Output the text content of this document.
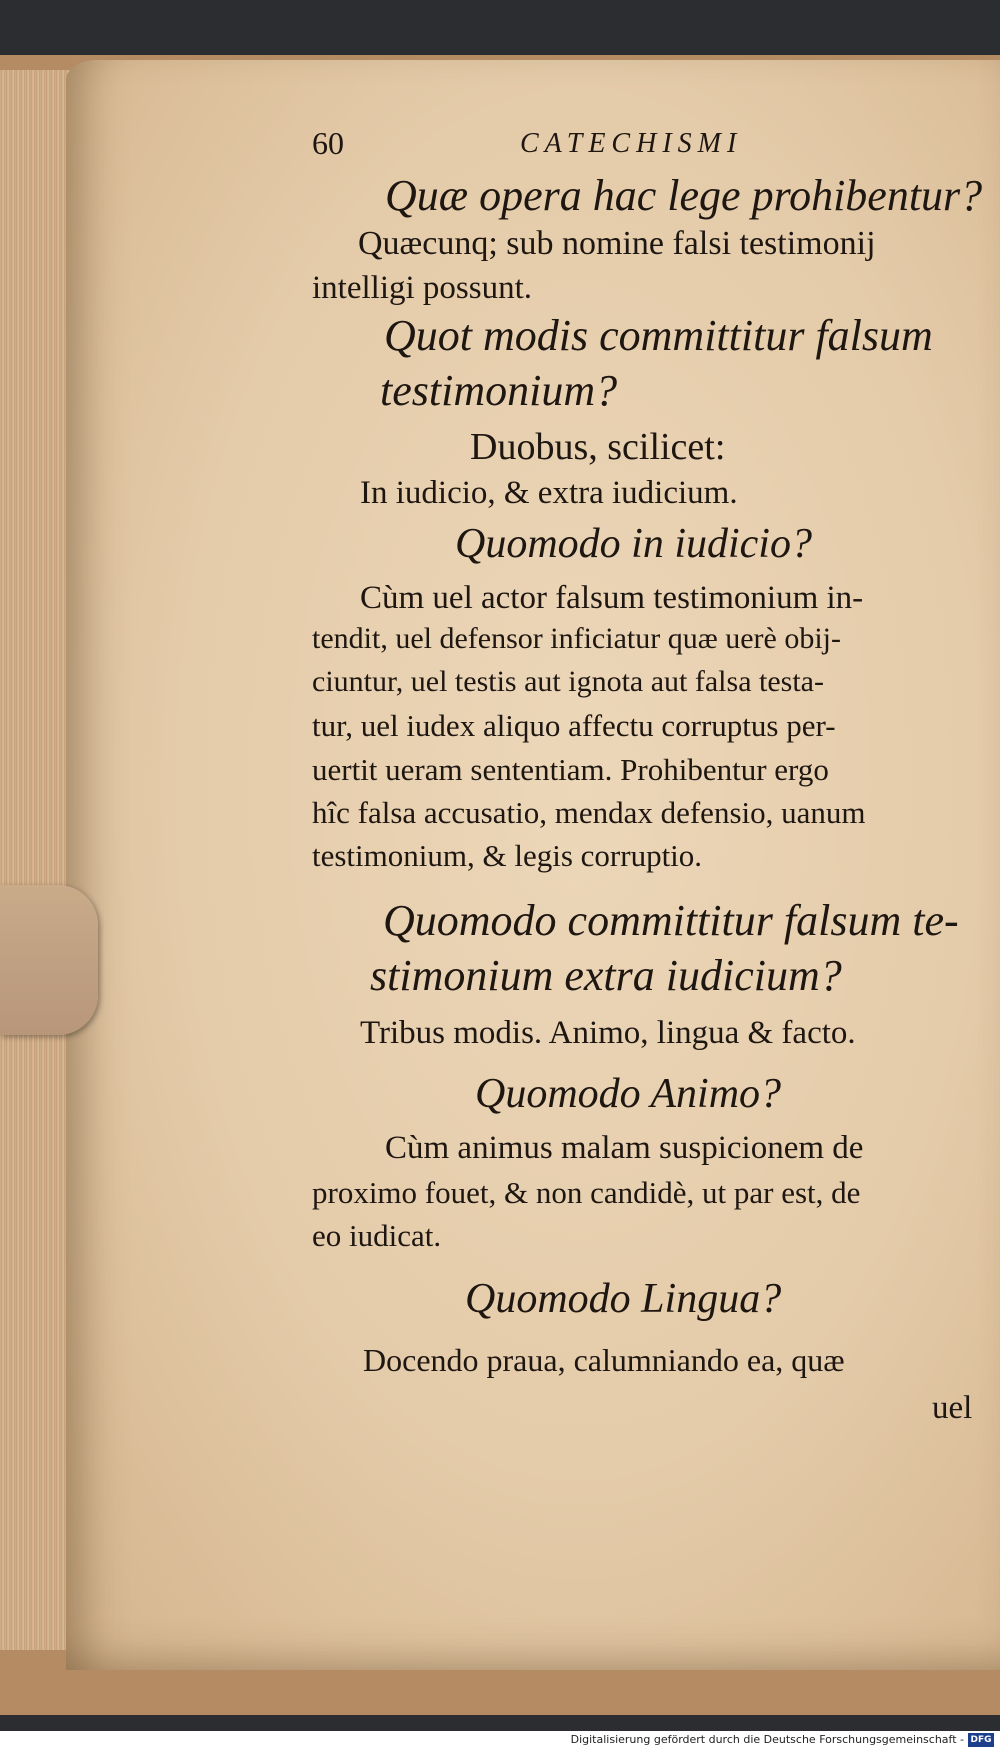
60	CATECHISMI
Quæ opera hac lege prohibentur?
Quæcunq; sub nomine falsi testimonij
intelligi possunt.
Quot modis committitur falsum
testimonium?
Duobus, scilicet:
In iudicio, & extra iudicium.
Quomodo in iudicio?
Cùm uel actor falsum testimonium in-
tendit, uel defensor inficiatur quæ uerè obij-
ciuntur, uel testis aut ignota aut falsa testa-
tur, uel iudex aliquo affectu corruptus per-
uertit ueram sententiam. Prohibentur ergo
hîc falsa accusatio, mendax defensio, uanum
testimonium, & legis corruptio.
Quomodo committitur falsum te-
stimonium extra iudicium?
Tribus modis. Animo, lingua & facto.
Quomodo Animo?
Cùm animus malam suspicionem de
proximo fouet, & non candidè, ut par est, de
eo iudicat.
Quomodo Lingua?
Docendo praua, calumniando ea, quæ
uel
Digitalisierung gefördert durch die Deutsche Forschungsgemeinschaft - DFG
